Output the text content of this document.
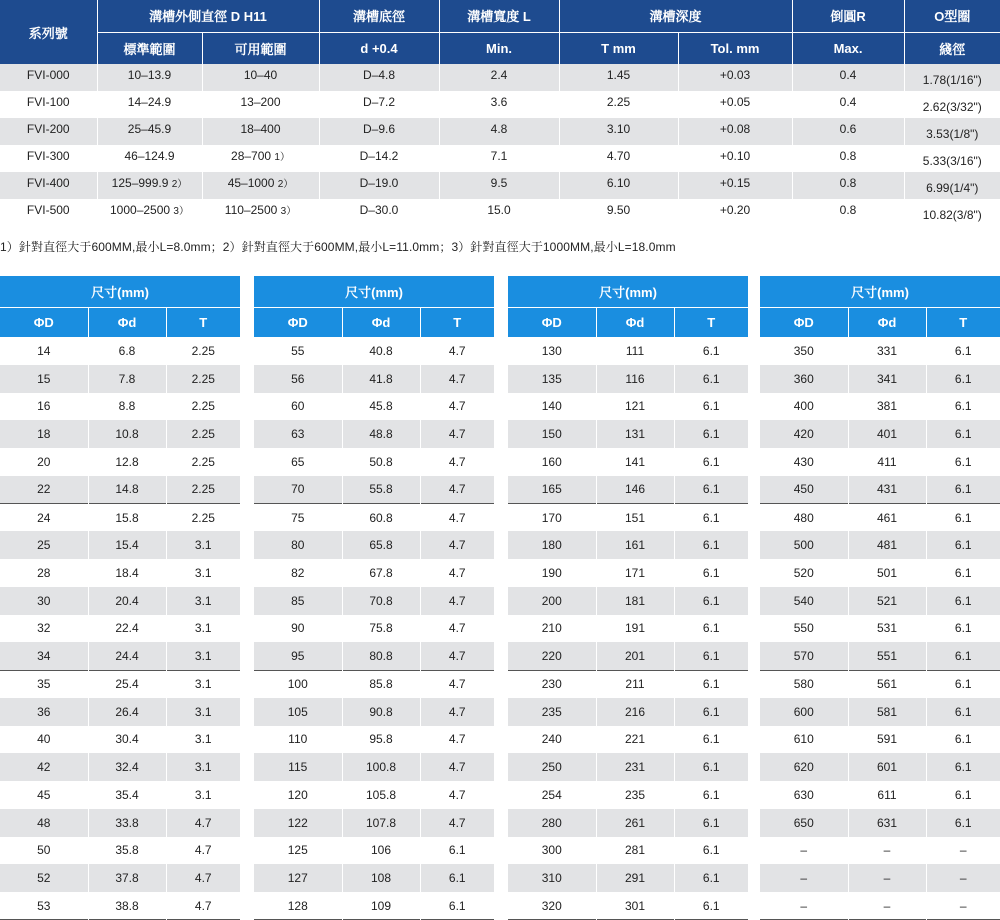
系列號	溝槽外側直徑 D H11		溝槽底徑	溝槽寬度 L	溝槽深度		倒圓R	O型圈
	標準範圍	可用範圍	d +0.4	Min.	T mm	Tol. mm	Max.	綫徑
FVI-000	10–13.9	10–40	D–4.8	2.4	1.45	+0.03	0.4	1.78(1/16")
FVI-100	14–24.9	13–200	D–7.2	3.6	2.25	+0.05	0.4	2.62(3/32")
FVI-200	25–45.9	18–400	D–9.6	4.8	3.10	+0.08	0.6	3.53(1/8")
FVI-300	46–124.9	28–700 1）	D–14.2	7.1	4.70	+0.10	0.8	5.33(3/16")
FVI-400	125–999.9 2）	45–1000 2）	D–19.0	9.5	6.10	+0.15	0.8	6.99(1/4")
FVI-500	1000–2500 3）	110–2500 3）	D–30.0	15.0	9.50	+0.20	0.8	10.82(3/8")
1）針對直徑大于600MM,最小L=8.0mm；2）針對直徑大于600MM,最小L=11.0mm；3）針對直徑大于1000MM,最小L=18.0mm
尺寸(mm)		
ΦD	Φd	T
14	6.8	2.25
15	7.8	2.25
16	8.8	2.25
18	10.8	2.25
20	12.8	2.25
22	14.8	2.25
24	15.8	2.25
25	15.4	3.1
28	18.4	3.1
30	20.4	3.1
32	22.4	3.1
34	24.4	3.1
35	25.4	3.1
36	26.4	3.1
40	30.4	3.1
42	32.4	3.1
45	35.4	3.1
48	33.8	4.7
50	35.8	4.7
52	37.8	4.7
53	38.8	4.7
尺寸(mm)		
ΦD	Φd	T
55	40.8	4.7
56	41.8	4.7
60	45.8	4.7
63	48.8	4.7
65	50.8	4.7
70	55.8	4.7
75	60.8	4.7
80	65.8	4.7
82	67.8	4.7
85	70.8	4.7
90	75.8	4.7
95	80.8	4.7
100	85.8	4.7
105	90.8	4.7
110	95.8	4.7
115	100.8	4.7
120	105.8	4.7
122	107.8	4.7
125	106	6.1
127	108	6.1
128	109	6.1
尺寸(mm)		
ΦD	Φd	T
130	111	6.1
135	116	6.1
140	121	6.1
150	131	6.1
160	141	6.1
165	146	6.1
170	151	6.1
180	161	6.1
190	171	6.1
200	181	6.1
210	191	6.1
220	201	6.1
230	211	6.1
235	216	6.1
240	221	6.1
250	231	6.1
254	235	6.1
280	261	6.1
300	281	6.1
310	291	6.1
320	301	6.1
尺寸(mm)		
ΦD	Φd	T
350	331	6.1
360	341	6.1
400	381	6.1
420	401	6.1
430	411	6.1
450	431	6.1
480	461	6.1
500	481	6.1
520	501	6.1
540	521	6.1
550	531	6.1
570	551	6.1
580	561	6.1
600	581	6.1
610	591	6.1
620	601	6.1
630	611	6.1
650	631	6.1
–	–	–
–	–	–
–	–	–
